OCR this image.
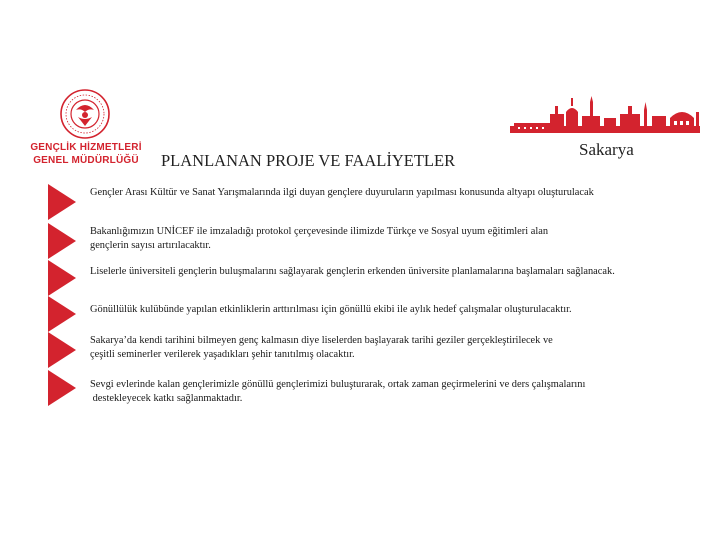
GENÇLİK HİZMETLERİ
GENEL MÜDÜRLÜĞÜ PLANLANAN PROJE VE FAALİYETLER
Sakarya
Gençler Arası Kültür ve Sanat Yarışmalarında ilgi duyan gençlere duyuruların yapılması konusunda altyapı oluşturulacak
Bakanlığımızın UNİCEF ile imzaladığı protokol çerçevesinde ilimizde Türkçe ve Sosyal uyum eğitimleri alan
gençlerin sayısı artırılacaktır.
Liselerle üniversiteli gençlerin buluşmalarını sağlayarak gençlerin erkenden üniversite planlamalarına başlamaları sağlanacak.
Gönüllülük kulübünde yapılan etkinliklerin arttırılması için gönüllü ekibi ile aylık hedef çalışmalar oluşturulacaktır.
Sakarya’da kendi tarihini bilmeyen genç kalmasın diye liselerden başlayarak tarihi geziler gerçekleştirilecek ve
çeşitli seminerler verilerek yaşadıkları şehir tanıtılmış olacaktır.
Sevgi evlerinde kalan gençlerimizle gönüllü gençlerimizi buluşturarak, ortak zaman geçirmelerini ve ders çalışmalarını
destekleyecek katkı sağlanmaktadır.
